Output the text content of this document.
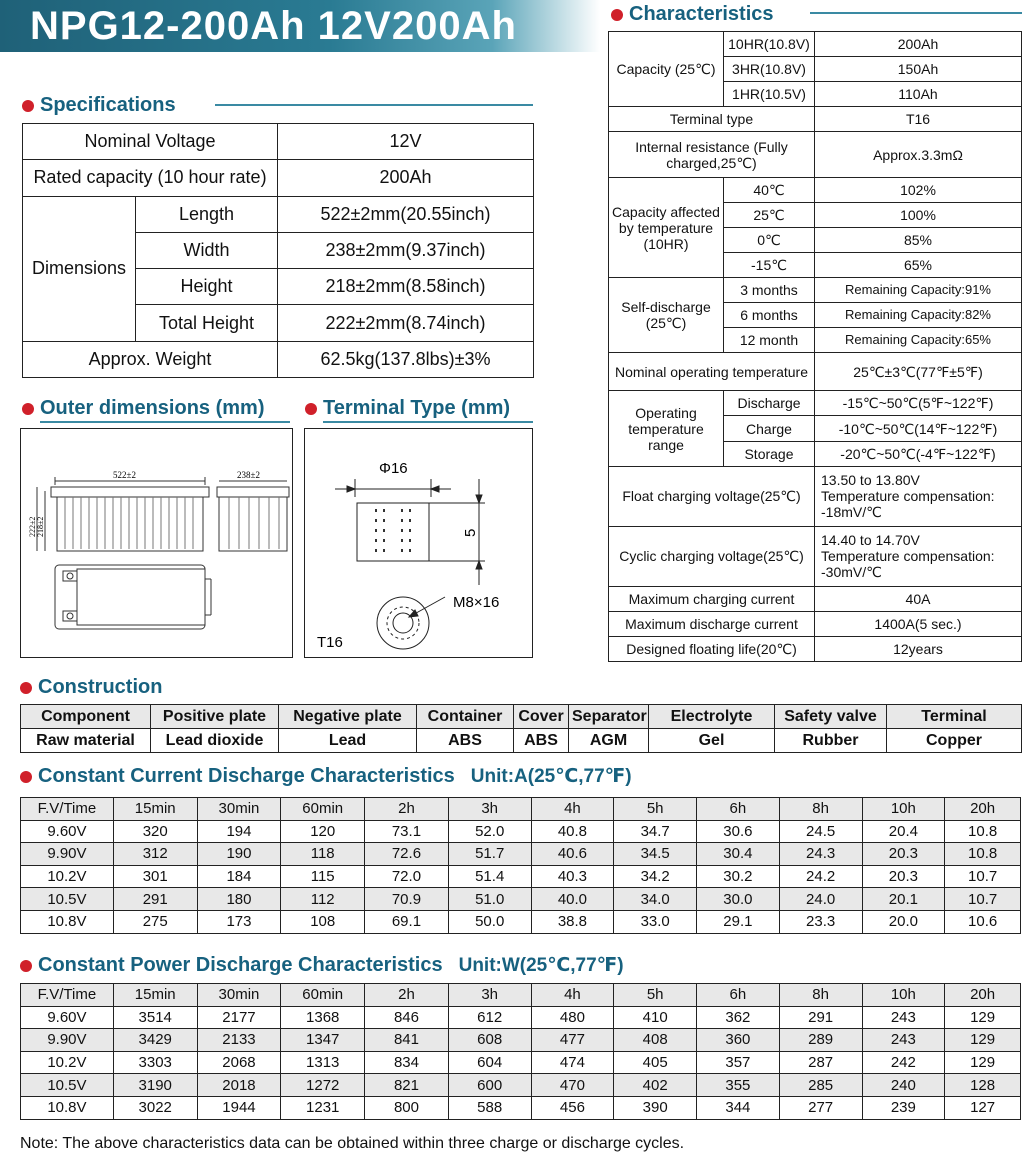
NPG12-200Ah 12V200Ah
Specifications
Nominal Voltage		12V
Rated capacity (10 hour rate)		200Ah
Dimensions	Length	522±2mm(20.55inch)
	Width	238±2mm(9.37inch)
	Height	218±2mm(8.58inch)
	Total Height	222±2mm(8.74inch)
Approx. Weight		62.5kg(137.8lbs)±3%
Outer dimensions (mm)
522±2	238±2
222±2 218±2
Terminal Type (mm)
Φ16
5
M8×16
T16
Characteristics
Capacity (25℃)	10HR(10.8V)	200Ah
	3HR(10.8V)	150Ah
	1HR(10.5V)	110Ah
Terminal type		T16
Internal resistance (Fully charged,25℃)		Approx.3.3mΩ
Capacity affected by temperature (10HR)	40℃	102%
	25℃	100%
	0℃	85%
	-15℃	65%
Self-discharge (25℃)	3 months	Remaining Capacity:91%
	6 months	Remaining Capacity:82%
	12 month	Remaining Capacity:65%
Nominal operating temperature		25℃±3℃(77℉±5℉)
Operating temperature range	Discharge	-15℃~50℃(5℉~122℉)
	Charge	-10℃~50℃(14℉~122℉)
	Storage	-20℃~50℃(-4℉~122℉)
Float charging voltage(25℃)		13.50 to 13.80V
Temperature compensation:
-18mV/℃

Cyclic charging voltage(25℃)		14.40 to 14.70V
Temperature compensation:
-30mV/℃

Maximum charging current		40A
Maximum discharge current		1400A(5 sec.)
Designed floating life(20℃)		12years
Construction
Component	Positive plate	Negative plate	Container	Cover	Separator	Electrolyte	Safety valve	Terminal
Raw material	Lead dioxide	Lead	ABS	ABS	AGM	Gel	Rubber	Copper
Constant Current Discharge Characteristics Unit:A(25℃,77℉)
F.V/Time	15min	30min	60min	2h	3h	4h	5h	6h	8h	10h	20h
9.60V	320	194	120	73.1	52.0	40.8	34.7	30.6	24.5	20.4	10.8
9.90V	312	190	118	72.6	51.7	40.6	34.5	30.4	24.3	20.3	10.8
10.2V	301	184	115	72.0	51.4	40.3	34.2	30.2	24.2	20.3	10.7
10.5V	291	180	112	70.9	51.0	40.0	34.0	30.0	24.0	20.1	10.7
10.8V	275	173	108	69.1	50.0	38.8	33.0	29.1	23.3	20.0	10.6
Constant Power Discharge Characteristics Unit:W(25℃,77℉)
F.V/Time	15min	30min	60min	2h	3h	4h	5h	6h	8h	10h	20h
9.60V	3514	2177	1368	846	612	480	410	362	291	243	129
9.90V	3429	2133	1347	841	608	477	408	360	289	243	129
10.2V	3303	2068	1313	834	604	474	405	357	287	242	129
10.5V	3190	2018	1272	821	600	470	402	355	285	240	128
10.8V	3022	1944	1231	800	588	456	390	344	277	239	127
Note: The above characteristics data can be obtained within three charge or discharge cycles.
